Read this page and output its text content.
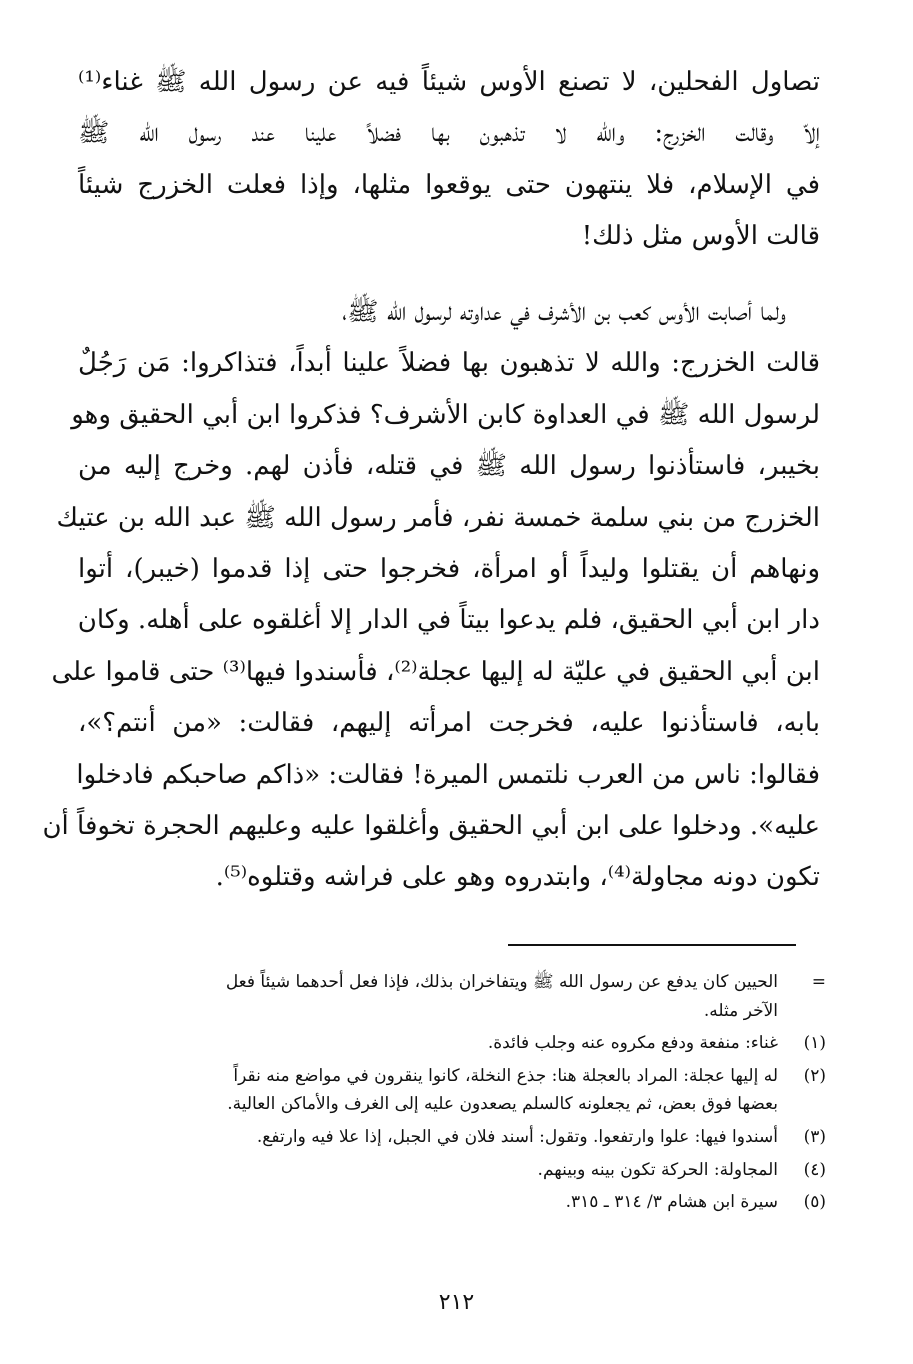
تصاول الفحلين، لا تصنع الأوس شيئاً فيه عن رسول الله ﷺ غناء⁽¹⁾
إلاّ وقالت الخزرج: والله لا تذهبون بها فضلاً علينا عند رسول الله ﷺ
في الإسلام، فلا ينتهون حتى يوقعوا مثلها، وإذا فعلت الخزرج شيئاً
قالت الأوس مثل ذلك!
ولما أصابت الأوس كعب بن الأشرف في عداوته لرسول الله ﷺ،
قالت الخزرج: والله لا تذهبون بها فضلاً علينا أبداً، فتذاكروا: مَن رَجُلٌ
لرسول الله ﷺ في العداوة كابن الأشرف؟ فذكروا ابن أبي الحقيق وهو
بخيبر، فاستأذنوا رسول الله ﷺ في قتله، فأذن لهم. وخرج إليه من
الخزرج من بني سلمة خمسة نفر، فأمر رسول الله ﷺ عبد الله بن عتيك
ونهاهم أن يقتلوا وليداً أو امرأة، فخرجوا حتى إذا قدموا (خيبر)، أتوا
دار ابن أبي الحقيق، فلم يدعوا بيتاً في الدار إلا أغلقوه على أهله. وكان
ابن أبي الحقيق في عليّة له إليها عجلة⁽²⁾، فأسندوا فيها⁽³⁾ حتى قاموا على
بابه، فاستأذنوا عليه، فخرجت امرأته إليهم، فقالت: «من أنتم؟»،
فقالوا: ناس من العرب نلتمس الميرة! فقالت: «ذاكم صاحبكم فادخلوا
عليه». ودخلوا على ابن أبي الحقيق وأغلقوا عليه وعليهم الحجرة تخوفاً أن
تكون دونه مجاولة⁽⁴⁾، وابتدروه وهو على فراشه وقتلوه⁽⁵⁾.
=
الحيين كان يدفع عن رسول الله ﷺ ويتفاخران بذلك، فإذا فعل أحدهما شيئاً فعل
الآخر مثله.
(١)
غناء: منفعة ودفع مكروه عنه وجلب فائدة.
(٢)
له إليها عجلة: المراد بالعجلة هنا: جذع النخلة، كانوا ينقرون في مواضع منه نقراً
بعضها فوق بعض، ثم يجعلونه كالسلم يصعدون عليه إلى الغرف والأماكن العالية.
(٣)
أسندوا فيها: علوا وارتفعوا. وتقول: أسند فلان في الجبل، إذا علا فيه وارتفع.
(٤)
المجاولة: الحركة تكون بينه وبينهم.
(٥)
سيرة ابن هشام ٣/ ٣١٤ ـ ٣١٥.
٢١٢
